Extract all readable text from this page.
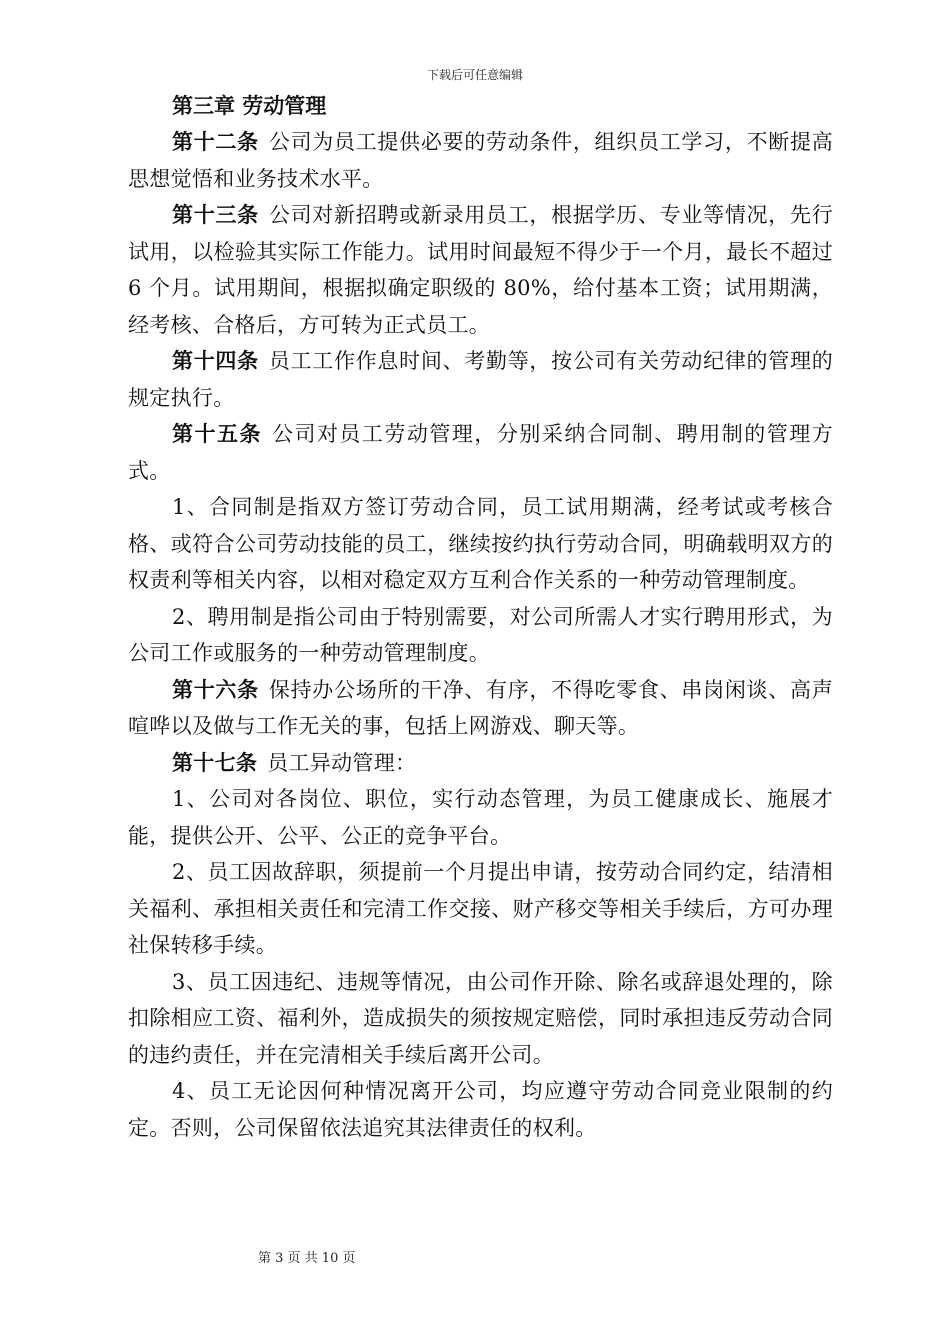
下载后可任意编辑

第三章 劳动管理

第十二条 公司为员工提供必要的劳动条件，组织员工学习，不断提高思想觉悟和业务技术水平。

第十三条 公司对新招聘或新录用员工，根据学历、专业等情况，先行试用，以检验其实际工作能力。试用时间最短不得少于一个月，最长不超过 6 个月。试用期间，根据拟确定职级的 80%，给付基本工资；试用期满，经考核、合格后，方可转为正式员工。

第十四条 员工工作作息时间、考勤等，按公司有关劳动纪律的管理的规定执行。

第十五条 公司对员工劳动管理，分别采纳合同制、聘用制的管理方式。

1、合同制是指双方签订劳动合同，员工试用期满，经考试或考核合格、或符合公司劳动技能的员工，继续按约执行劳动合同，明确载明双方的权责利等相关内容，以相对稳定双方互利合作关系的一种劳动管理制度。

2、聘用制是指公司由于特别需要，对公司所需人才实行聘用形式，为公司工作或服务的一种劳动管理制度。

第十六条 保持办公场所的干净、有序，不得吃零食、串岗闲谈、高声喧哗以及做与工作无关的事，包括上网游戏、聊天等。

第十七条 员工异动管理：

1、公司对各岗位、职位，实行动态管理，为员工健康成长、施展才能，提供公开、公平、公正的竞争平台。

2、员工因故辞职，须提前一个月提出申请，按劳动合同约定，结清相关福利、承担相关责任和完清工作交接、财产移交等相关手续后，方可办理社保转移手续。

3、员工因违纪、违规等情况，由公司作开除、除名或辞退处理的，除扣除相应工资、福利外，造成损失的须按规定赔偿，同时承担违反劳动合同的违约责任，并在完清相关手续后离开公司。

4、员工无论因何种情况离开公司，均应遵守劳动合同竞业限制的约定。否则，公司保留依法追究其法律责任的权利。

第 3 页 共 10 页
